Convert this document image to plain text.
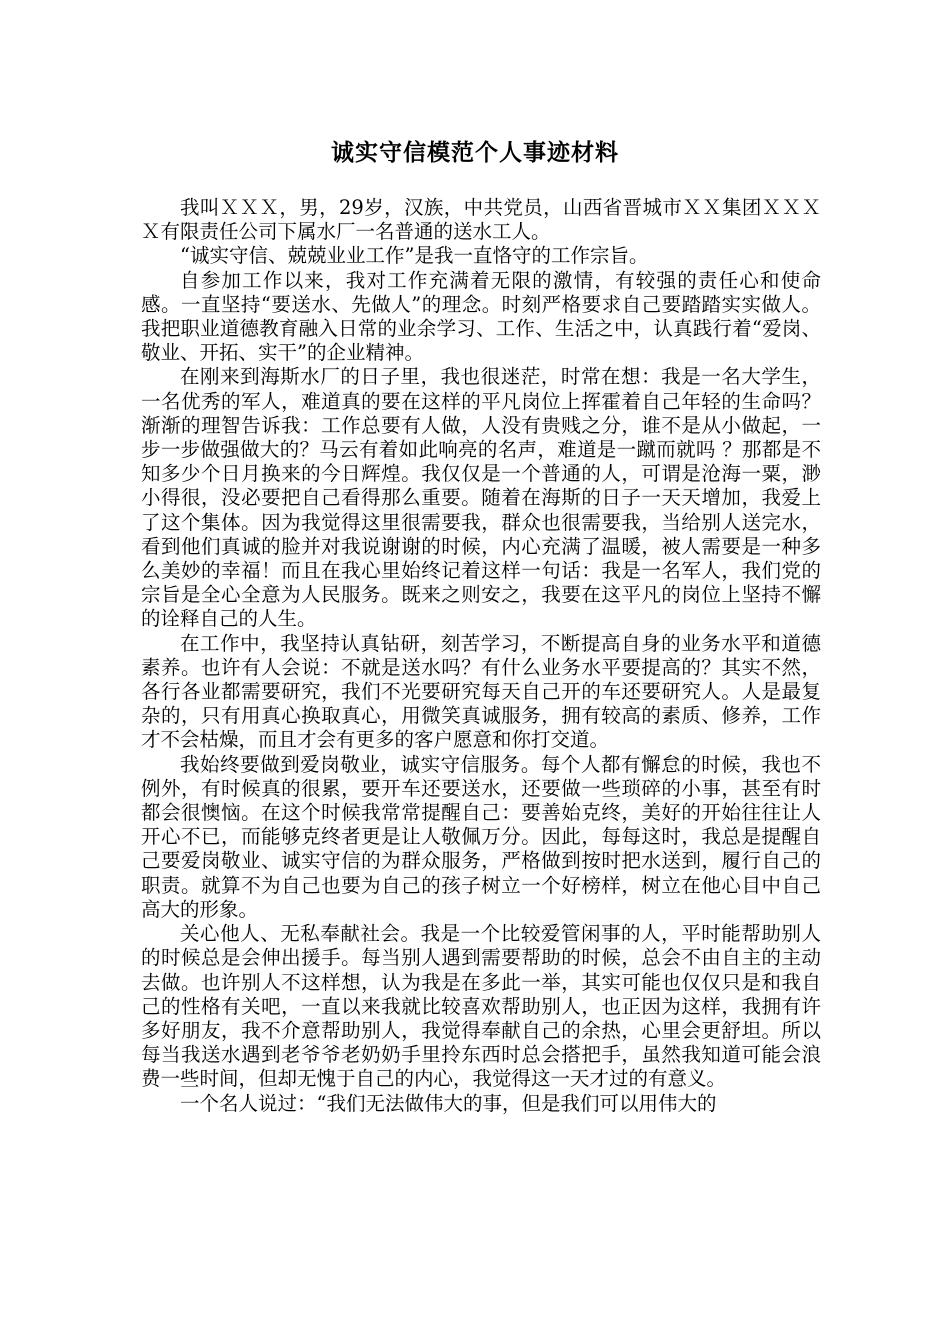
诚实守信模范个人事迹材料

我叫ＸＸＸ，男，29岁，汉族，中共党员，山西省晋城市ＸＸ集团ＸＸＸＸ有限责任公司下属水厂一名普通的送水工人。

“诚实守信、兢兢业业工作”是我一直恪守的工作宗旨。

自参加工作以来，我对工作充满着无限的激情，有较强的责任心和使命感。一直坚持“要送水、先做人”的理念。时刻严格要求自己要踏踏实实做人。我把职业道德教育融入日常的业余学习、工作、生活之中，认真践行着“爱岗、敬业、开拓、实干”的企业精神。

在刚来到海斯水厂的日子里，我也很迷茫，时常在想：我是一名大学生，一名优秀的军人，难道真的要在这样的平凡岗位上挥霍着自己年轻的生命吗？渐渐的理智告诉我：工作总要有人做，人没有贵贱之分，谁不是从小做起，一步一步做强做大的？马云有着如此响亮的名声，难道是一蹴而就吗 ？那都是不知多少个日月换来的今日辉煌。我仅仅是一个普通的人，可谓是沧海一粟，渺小得很，没必要把自己看得那么重要。随着在海斯的日子一天天增加，我爱上了这个集体。因为我觉得这里很需要我，群众也很需要我，当给别人送完水，看到他们真诚的脸并对我说谢谢的时候，内心充满了温暖，被人需要是一种多么美妙的幸福！而且在我心里始终记着这样一句话：我是一名军人，我们党的宗旨是全心全意为人民服务。既来之则安之，我要在这平凡的岗位上坚持不懈的诠释自己的人生。

在工作中，我坚持认真钻研，刻苦学习，不断提高自身的业务水平和道德素养。也许有人会说：不就是送水吗？有什么业务水平要提高的？其实不然，各行各业都需要研究，我们不光要研究每天自己开的车还要研究人。人是最复杂的，只有用真心换取真心，用微笑真诚服务，拥有较高的素质、修养，工作才不会枯燥，而且才会有更多的客户愿意和你打交道。

我始终要做到爱岗敬业，诚实守信服务。每个人都有懈怠的时候，我也不例外，有时候真的很累，要开车还要送水，还要做一些琐碎的小事，甚至有时都会很懊恼。在这个时候我常常提醒自己：要善始克终，美好的开始往往让人开心不已，而能够克终者更是让人敬佩万分。因此，每每这时，我总是提醒自己要爱岗敬业、诚实守信的为群众服务，严格做到按时把水送到，履行自己的职责。就算不为自己也要为自己的孩子树立一个好榜样，树立在他心目中自己高大的形象。

关心他人、无私奉献社会。我是一个比较爱管闲事的人，平时能帮助别人的时候总是会伸出援手。每当别人遇到需要帮助的时候，总会不由自主的主动去做。也许别人不这样想，认为我是在多此一举，其实可能也仅仅只是和我自己的性格有关吧，一直以来我就比较喜欢帮助别人，也正因为这样，我拥有许多好朋友，我不介意帮助别人，我觉得奉献自己的余热，心里会更舒坦。所以每当我送水遇到老爷爷老奶奶手里拎东西时总会搭把手，虽然我知道可能会浪费一些时间，但却无愧于自己的内心，我觉得这一天才过的有意义。

一个名人说过：“我们无法做伟大的事，但是我们可以用伟大的
